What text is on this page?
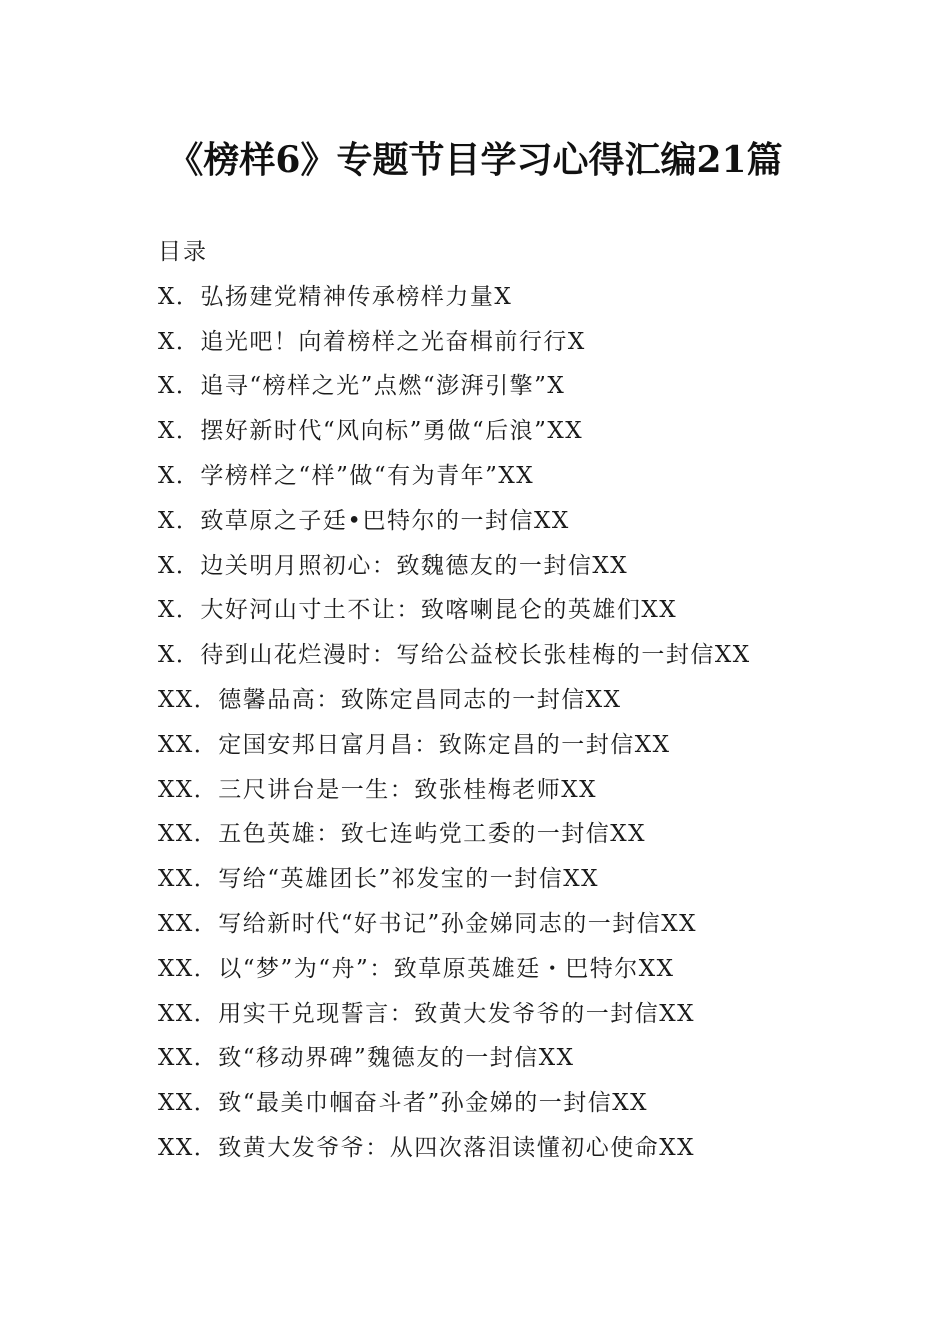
《榜样6》专题节目学习心得汇编21篇
目录
X．弘扬建党精神传承榜样力量X
X．追光吧！向着榜样之光奋楫前行行X
X．追寻“榜样之光”点燃“澎湃引擎”X
X．摆好新时代“风向标”勇做“后浪”XX
X．学榜样之“样”做“有为青年”XX
X．致草原之子廷•巴特尔的一封信XX
X．边关明月照初心：致魏德友的一封信XX
X．大好河山寸土不让：致喀喇昆仑的英雄们XX
X．待到山花烂漫时：写给公益校长张桂梅的一封信XX
XX．德馨品高：致陈定昌同志的一封信XX
XX．定国安邦日富月昌：致陈定昌的一封信XX
XX．三尺讲台是一生：致张桂梅老师XX
XX．五色英雄：致七连屿党工委的一封信XX
XX．写给“英雄团长”祁发宝的一封信XX
XX．写给新时代“好书记”孙金娣同志的一封信XX
XX．以“梦”为“舟”：致草原英雄廷・巴特尔XX
XX．用实干兑现誓言：致黄大发爷爷的一封信XX
XX．致“移动界碑”魏德友的一封信XX
XX．致“最美巾帼奋斗者”孙金娣的一封信XX
XX．致黄大发爷爷：从四次落泪读懂初心使命XX
